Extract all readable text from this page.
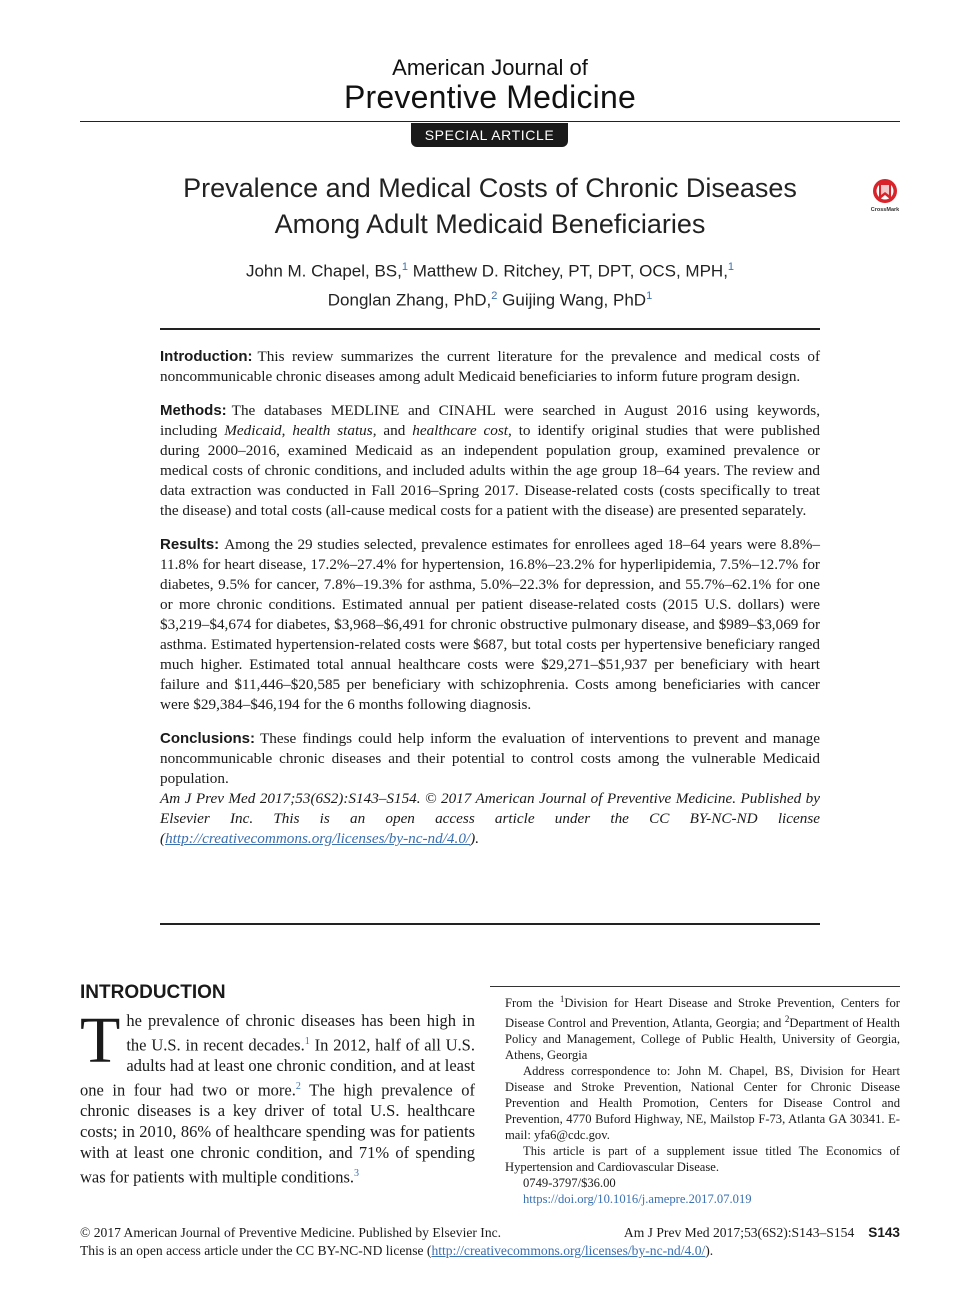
American Journal of
Preventive Medicine
SPECIAL ARTICLE
Prevalence and Medical Costs of Chronic Diseases
Among Adult Medicaid Beneficiaries	CrossMark
John M. Chapel, BS,$^1$ Matthew D. Ritchey, PT, DPT, OCS, MPH,$^1$
Donglan Zhang, PhD,$^2$ Guijing Wang, PhD$^1$

Introduction: This review summarizes the current literature for the prevalence and medical costs of noncommunicable chronic diseases among adult Medicaid beneficiaries to inform future program design.

Methods: The databases MEDLINE and CINAHL were searched in August 2016 using keywords, including Medicaid, health status, and healthcare cost, to identify original studies that were published during 2000–2016, examined Medicaid as an independent population group, examined prevalence or medical costs of chronic conditions, and included adults within the age group 18–64 years. The review and data extraction was conducted in Fall 2016–Spring 2017. Disease-related costs (costs specifically to treat the disease) and total costs (all-cause medical costs for a patient with the disease) are presented separately.

Results: Among the 29 studies selected, prevalence estimates for enrollees aged 18–64 years were 8.8%–11.8% for heart disease, 17.2%–27.4% for hypertension, 16.8%–23.2% for hyperlipidemia, 7.5%–12.7% for diabetes, 9.5% for cancer, 7.8%–19.3% for asthma, 5.0%–22.3% for depression, and 55.7%–62.1% for one or more chronic conditions. Estimated annual per patient disease-related costs (2015 U.S. dollars) were $3,219–$4,674 for diabetes, $3,968–$6,491 for chronic obstructive pulmonary disease, and $989–$3,069 for asthma. Estimated hypertension-related costs were $687, but total costs per hypertensive beneficiary ranged much higher. Estimated total annual healthcare costs were $29,271–$51,937 per beneficiary with heart failure and $11,446–$20,585 per beneficiary with schizophrenia. Costs among beneficiaries with cancer were $29,384–$46,194 for the 6 months following diagnosis.

Conclusions: These findings could help inform the evaluation of interventions to prevent and manage noncommunicable chronic diseases and their potential to control costs among the vulnerable Medicaid population.

Am J Prev Med 2017;53(6S2):S143–S154. © 2017 American Journal of Preventive Medicine. Published by Elsevier Inc. This is an open access article under the CC BY-NC-ND license (http://creativecommons.org/licenses/by-nc-nd/4.0/).

INTRODUCTION
The prevalence of chronic diseases has been high in the U.S. in recent decades.$^1$ In 2012, half of all U.S. adults had at least one chronic condition, and at least one in four had two or more.$^2$ The high prevalence of chronic diseases is a key driver of total U.S. healthcare costs; in 2010, 86% of healthcare spending was for patients with at least one chronic condition, and 71% of spending was for patients with multiple conditions.$^3$

From the $^1$Division for Heart Disease and Stroke Prevention, Centers for Disease Control and Prevention, Atlanta, Georgia; and $^2$Department of Health Policy and Management, College of Public Health, University of Georgia, Athens, Georgia

Address correspondence to: John M. Chapel, BS, Division for Heart Disease and Stroke Prevention, National Center for Chronic Disease Prevention and Health Promotion, Centers for Disease Control and Prevention, 4770 Buford Highway, NE, Mailstop F-73, Atlanta GA 30341. E-mail: yfa6@cdc.gov.

This article is part of a supplement issue titled The Economics of Hypertension and Cardiovascular Disease.

0749-3797/$36.00

https://doi.org/10.1016/j.amepre.2017.07.019

© 2017 American Journal of Preventive Medicine. Published by Elsevier Inc.
This is an open access article under the CC BY-NC-ND license (http://creativecommons.org/licenses/by-nc-nd/4.0/).
Am J Prev Med 2017;53(6S2):S143–S154 S143
